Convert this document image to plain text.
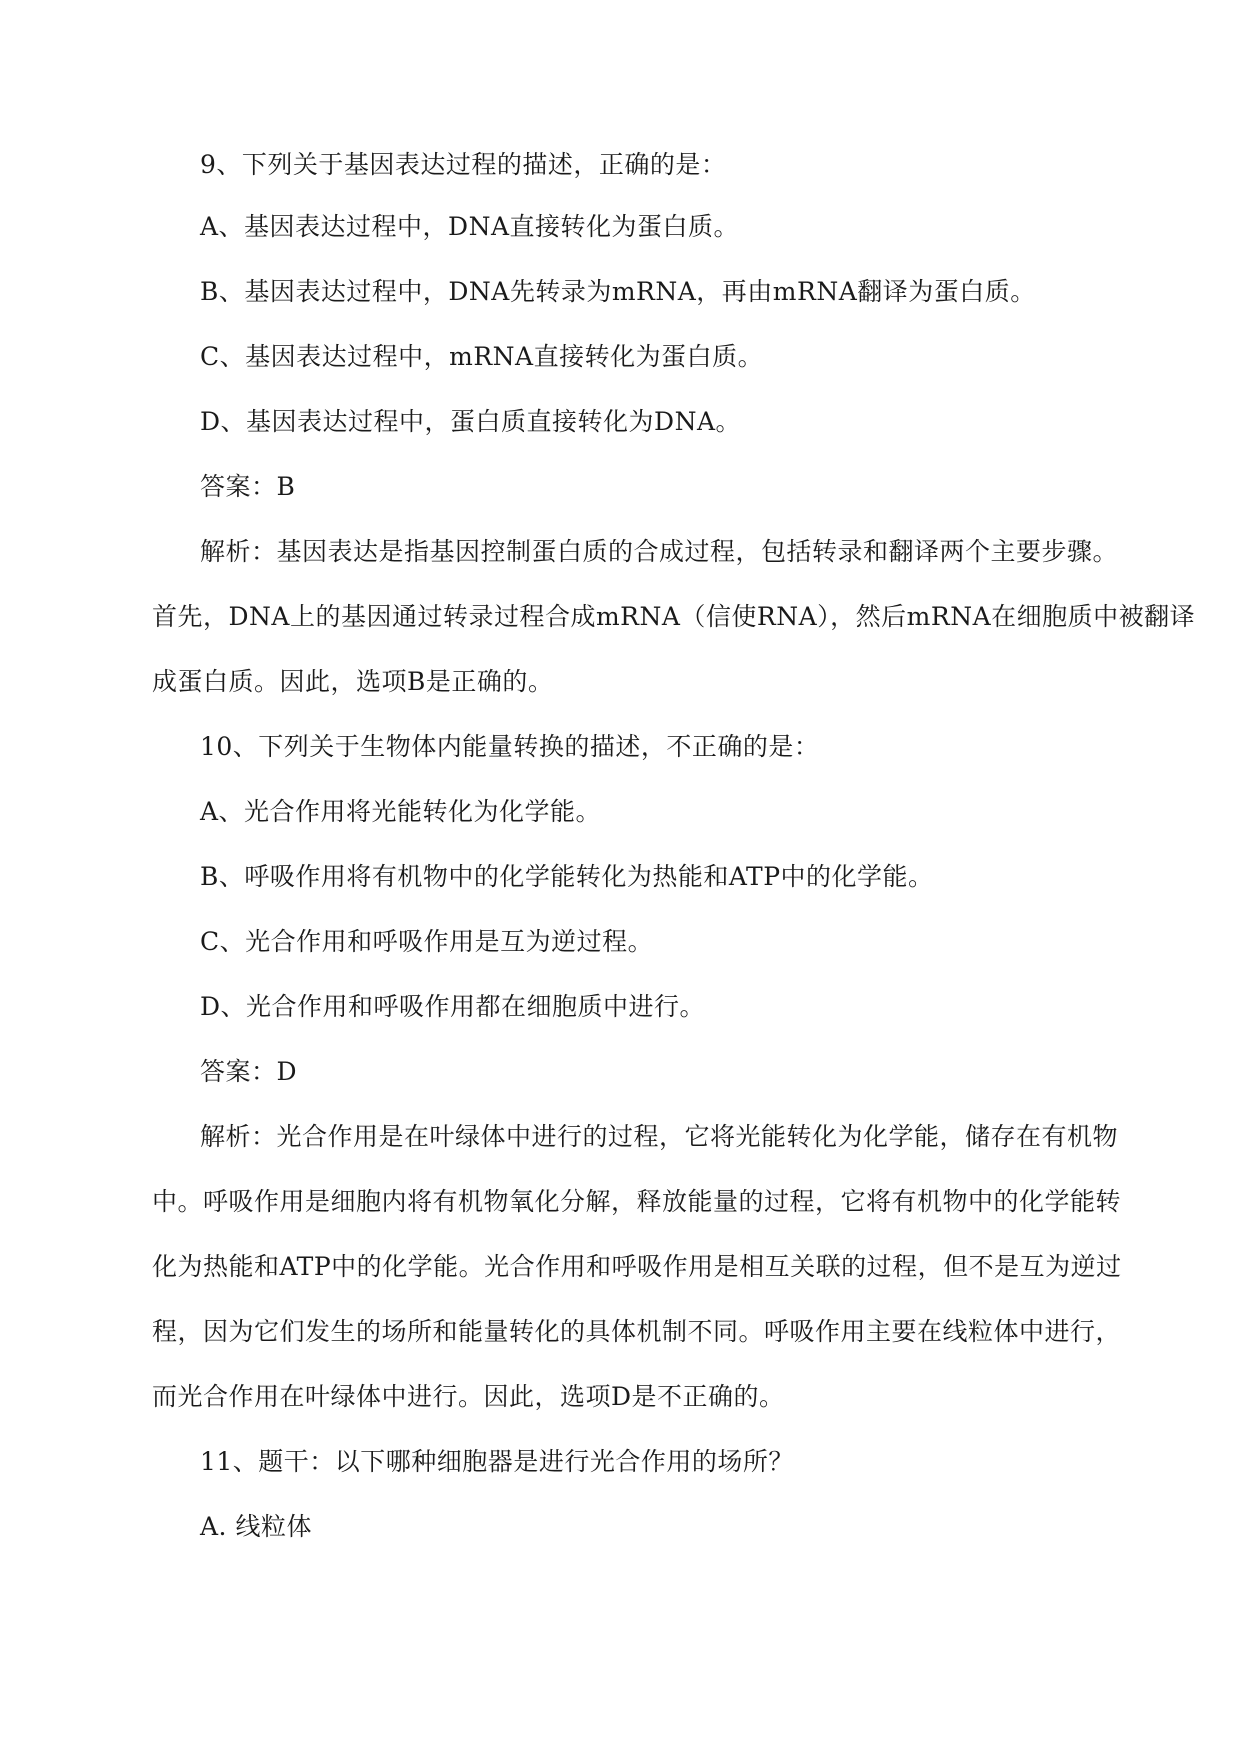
9、下列关于基因表达过程的描述，正确的是：
A、基因表达过程中，DNA直接转化为蛋白质。
B、基因表达过程中，DNA先转录为mRNA，再由mRNA翻译为蛋白质。
C、基因表达过程中，mRNA直接转化为蛋白质。
D、基因表达过程中，蛋白质直接转化为DNA。
答案：B
解析：基因表达是指基因控制蛋白质的合成过程，包括转录和翻译两个主要步骤。
首先，DNA上的基因通过转录过程合成mRNA（信使RNA），然后mRNA在细胞质中被翻译
成蛋白质。因此，选项B是正确的。
10、下列关于生物体内能量转换的描述，不正确的是：
A、光合作用将光能转化为化学能。
B、呼吸作用将有机物中的化学能转化为热能和ATP中的化学能。
C、光合作用和呼吸作用是互为逆过程。
D、光合作用和呼吸作用都在细胞质中进行。
答案：D
解析：光合作用是在叶绿体中进行的过程，它将光能转化为化学能，储存在有机物
中。呼吸作用是细胞内将有机物氧化分解，释放能量的过程，它将有机物中的化学能转
化为热能和ATP中的化学能。光合作用和呼吸作用是相互关联的过程，但不是互为逆过
程，因为它们发生的场所和能量转化的具体机制不同。呼吸作用主要在线粒体中进行，
而光合作用在叶绿体中进行。因此，选项D是不正确的。
11、题干：以下哪种细胞器是进行光合作用的场所？
A. 线粒体
